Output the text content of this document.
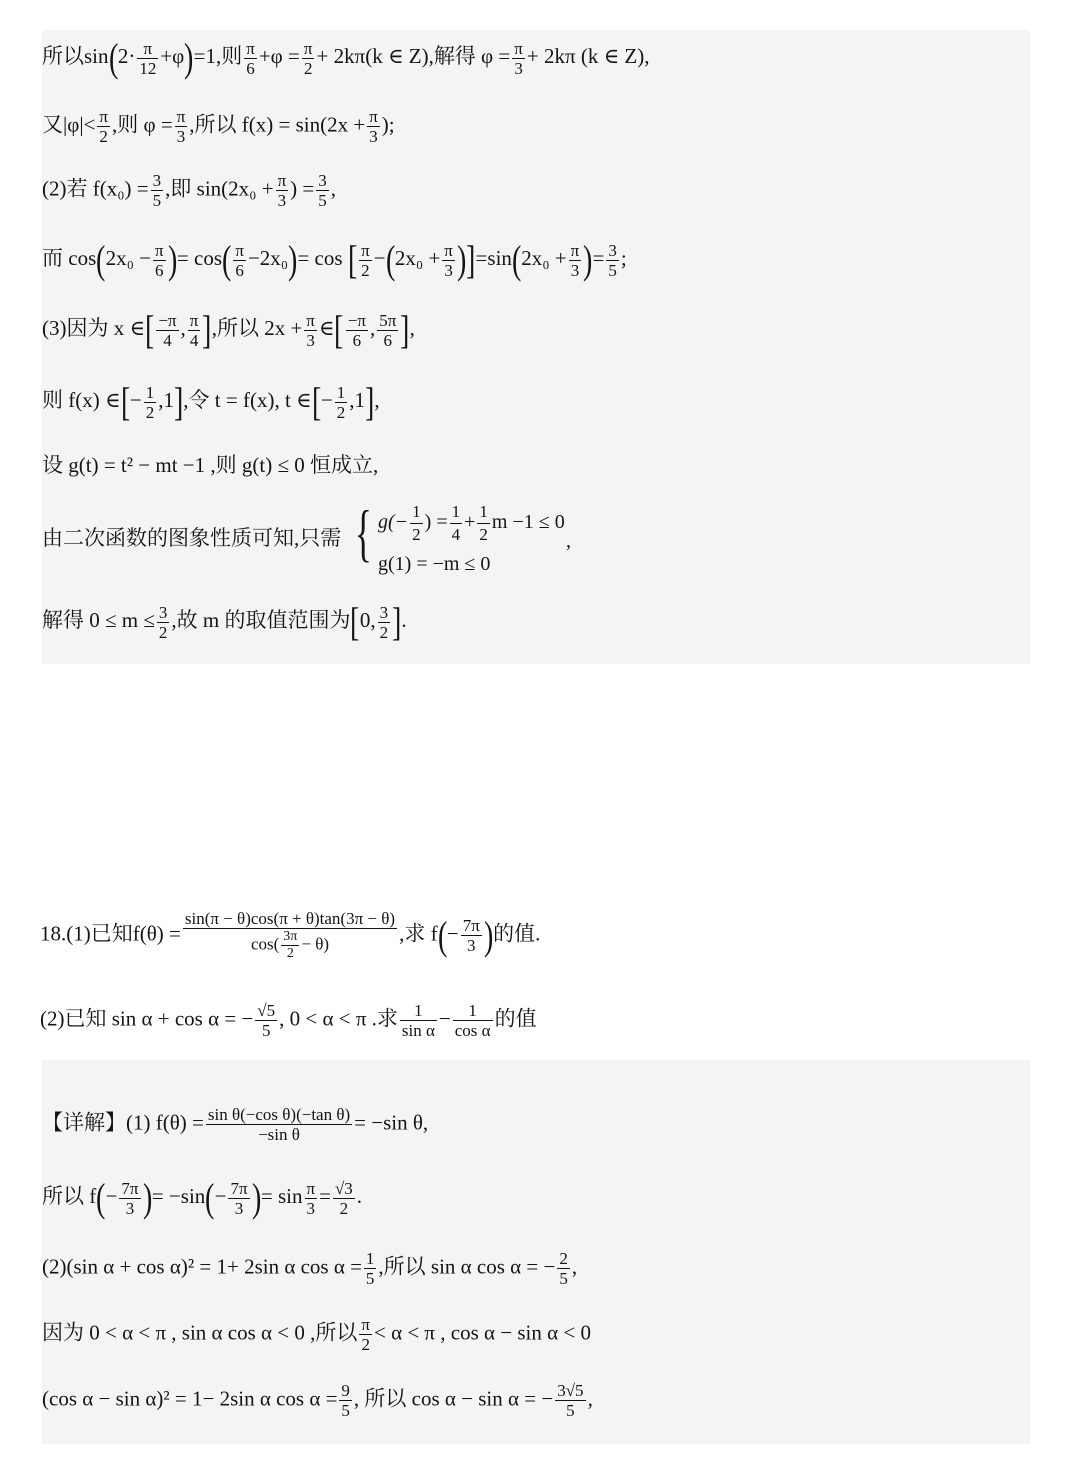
所以$\sin(2\cdot \frac{\pi}{12} +\varphi)=1$,则 $\frac{\pi}{6} +\varphi = \frac{\pi}{2} + 2k\pi(k$ ∈ Z),解得 $\varphi = \frac{\pi}{3} + 2k\pi$ (k ∈ Z),
又$|\varphi|< \frac{\pi}{2}$ ,则 $\varphi = \frac{\pi}{3}$ ,所以 $f(x) = \sin(2x + \frac{\pi}{3}$ );
(2)若 $f(x_0) = \frac{3}{5}$ ,即 $\sin(2x_0 + \frac{\pi}{3}$ ) = $\frac{3}{5}$ ,
而 $\cos(2x_0 - \frac{\pi}{6}$ )= $\cos( \frac{\pi}{6} -2x_0)= \cos$ [ $\frac{\pi}{2} -(2x_0 + \frac{\pi}{3} )]=\sin(2x_0 + \frac{\pi}{3}$ )= $\frac{3}{5}$ ;
(3)因为 x ∈[ $\frac{-\pi}{4}$ , $\frac{\pi}{4}$ ],所以 $2x + \frac{\pi}{3}$ ∈[ $\frac{-\pi}{6}$ , $\frac{5\pi}{6}$ ],
则 f(x) ∈[− $\frac{1}{2} ,1$],令 t = f(x), t ∈[− $\frac{1}{2} ,1$],
设 g(t) = t² − mt −1 ,则 g(t) ≤ 0 恒成立,
由二次函数的图象性质可知,只需 { $g(- \frac{1}{2}$ ) = $\frac{1}{4} + \frac{1}{2}$ m −1 ≤ 0
g(1) = −m ≤ 0
,
解得 $0 \le m \le \frac{3}{2}$ ,故 m 的取值范围为[0, $\frac{3}{2}$ ].
18.(1)已知$f(\theta) = \frac{\sin(\pi - \theta)\cos(\pi + \theta)\tan(3\pi - \theta)}{\cos( \frac{3\pi}{2} - \theta)}$ ,求 $f(- \frac{7\pi}{3}$ )的值.
(2)已知 sin α + cos α = − $\frac{√5}{5}$ , 0 < α < π .求 $\frac{1}{\text{sin α}} - \frac{1}{\text{cos α}}$ 的值
【详解】(1) $f(\theta) = \frac{\text{sin θ(−cos θ)(−tan θ)}}{\text{−sin θ}} = -\sin$ θ,
所以 $f(- \frac{7\pi}{3}$ )= $-\sin(- \frac{7\pi}{3}$ )= $\sin \frac{\pi}{3} = \frac{√3}{2}$ .
(2)(sin α + cos α)² = 1+ 2sin α $\cos \alpha = \frac{1}{5}$ ,所以 sin α cos α = − $\frac{2}{5}$ ,
因为 0 < α < π , sin α cos α < 0 ,所以 $\frac{\pi}{2} < \alpha < \pi$ , cos α − sin α < 0
(cos α − sin α)² = 1− 2sin α $\cos \alpha = \frac{9}{5}$ , 所以 cos α − sin α = − $\frac{3√5}{5}$ ,
